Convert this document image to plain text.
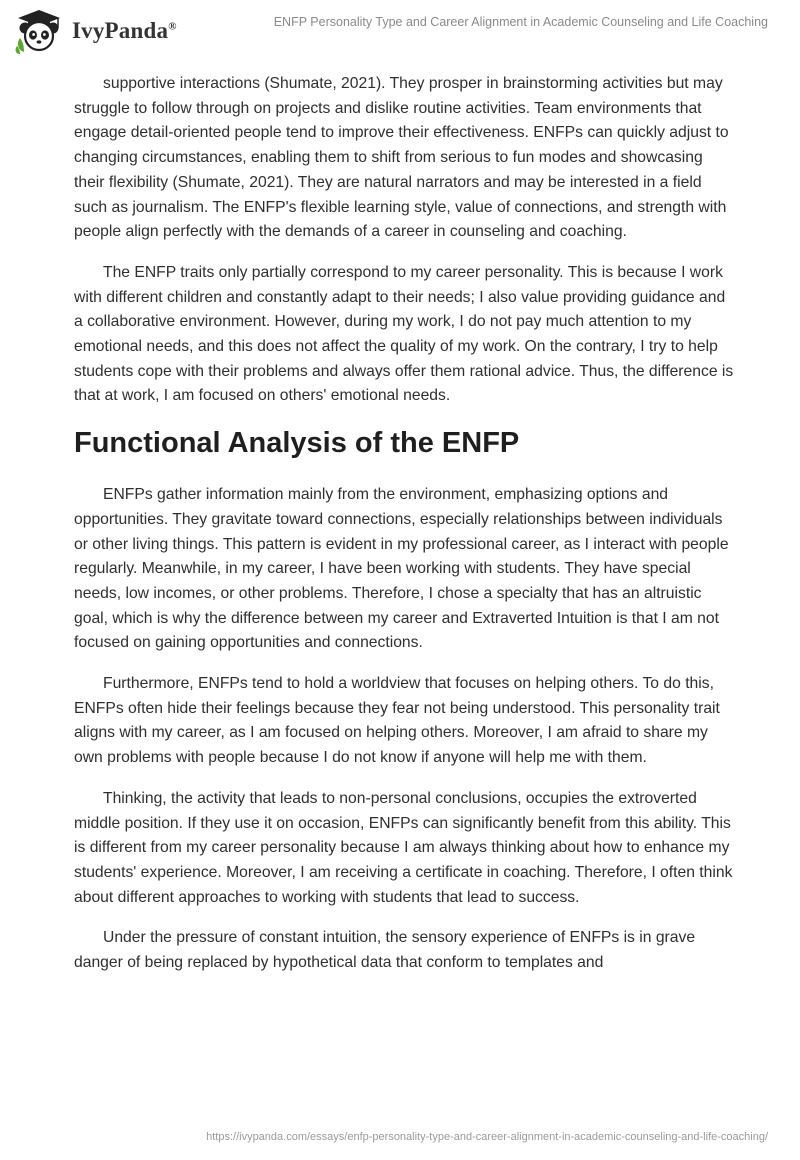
IvyPanda®	ENFP Personality Type and Career Alignment in Academic Counseling and Life Coaching

supportive interactions (Shumate, 2021). They prosper in brainstorming activities but may struggle to follow through on projects and dislike routine activities. Team environments that engage detail-oriented people tend to improve their effectiveness. ENFPs can quickly adjust to changing circumstances, enabling them to shift from serious to fun modes and showcasing their flexibility (Shumate, 2021). They are natural narrators and may be interested in a field such as journalism. The ENFP's flexible learning style, value of connections, and strength with people align perfectly with the demands of a career in counseling and coaching.

The ENFP traits only partially correspond to my career personality. This is because I work with different children and constantly adapt to their needs; I also value providing guidance and a collaborative environment. However, during my work, I do not pay much attention to my emotional needs, and this does not affect the quality of my work. On the contrary, I try to help students cope with their problems and always offer them rational advice. Thus, the difference is that at work, I am focused on others' emotional needs.

Functional Analysis of the ENFP

ENFPs gather information mainly from the environment, emphasizing options and opportunities. They gravitate toward connections, especially relationships between individuals or other living things. This pattern is evident in my professional career, as I interact with people regularly. Meanwhile, in my career, I have been working with students. They have special needs, low incomes, or other problems. Therefore, I chose a specialty that has an altruistic goal, which is why the difference between my career and Extraverted Intuition is that I am not focused on gaining opportunities and connections.

Furthermore, ENFPs tend to hold a worldview that focuses on helping others. To do this, ENFPs often hide their feelings because they fear not being understood. This personality trait aligns with my career, as I am focused on helping others. Moreover, I am afraid to share my own problems with people because I do not know if anyone will help me with them.

Thinking, the activity that leads to non-personal conclusions, occupies the extroverted middle position. If they use it on occasion, ENFPs can significantly benefit from this ability. This is different from my career personality because I am always thinking about how to enhance my students' experience. Moreover, I am receiving a certificate in coaching. Therefore, I often think about different approaches to working with students that lead to success.

Under the pressure of constant intuition, the sensory experience of ENFPs is in grave danger of being replaced by hypothetical data that conform to templates and

https://ivypanda.com/essays/enfp-personality-type-and-career-alignment-in-academic-counseling-and-life-coaching/
